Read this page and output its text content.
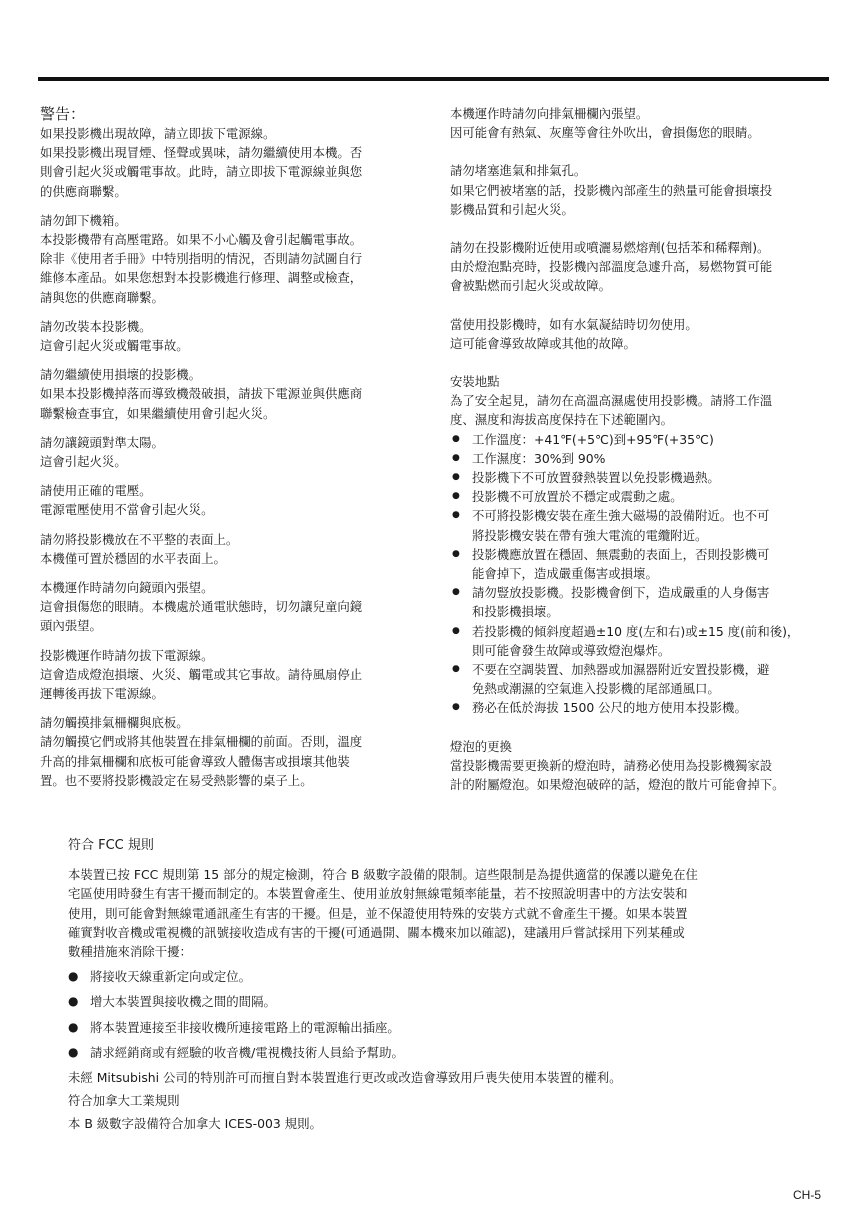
警告：

如果投影機出現故障，請立即拔下電源線。

如果投影機出現冒煙、怪聲或異味，請勿繼續使用本機。否

則會引起火災或觸電事故。此時，請立即拔下電源線並與您

的供應商聯繫。

請勿卸下機箱。

本投影機帶有高壓電路。如果不小心觸及會引起觸電事故。

除非《使用者手冊》中特別指明的情況，否則請勿試圖自行

維修本產品。如果您想對本投影機進行修理、調整或檢查，

請與您的供應商聯繫。

請勿改裝本投影機。

這會引起火災或觸電事故。

請勿繼續使用損壞的投影機。

如果本投影機掉落而導致機殼破損，請拔下電源並與供應商

聯繫檢查事宜，如果繼續使用會引起火災。

請勿讓鏡頭對準太陽。

這會引起火災。

請使用正確的電壓。

電源電壓使用不當會引起火災。

請勿將投影機放在不平整的表面上。

本機僅可置於穩固的水平表面上。

本機運作時請勿向鏡頭內張望。

這會損傷您的眼睛。本機處於通電狀態時，切勿讓兒童向鏡

頭內張望。

投影機運作時請勿拔下電源線。

這會造成燈泡損壞、火災、觸電或其它事故。請待風扇停止

運轉後再拔下電源線。

請勿觸摸排氣柵欄與底板。

請勿觸摸它們或將其他裝置在排氣柵欄的前面。否則，溫度

升高的排氣柵欄和底板可能會導致人體傷害或損壞其他裝

置。也不要將投影機設定在易受熱影響的桌子上。

本機運作時請勿向排氣柵欄內張望。

因可能會有熱氣、灰塵等會往外吹出，會損傷您的眼睛。

請勿堵塞進氣和排氣孔。

如果它們被堵塞的話，投影機內部產生的熱量可能會損壞投

影機品質和引起火災。

請勿在投影機附近使用或噴灑易燃熔劑(包括苯和稀釋劑)。

由於燈泡點亮時，投影機內部溫度急遽升高，易燃物質可能

會被點燃而引起火災或故障。

當使用投影機時，如有水氣凝結時切勿使用。

這可能會導致故障或其他的故障。

安裝地點

為了安全起見，請勿在高溫高濕處使用投影機。請將工作溫

度、濕度和海拔高度保持在下述範圍內。

● 工作溫度：+41℉(+5℃)到+95℉(+35℃)
● 工作濕度：30%到 90%
● 投影機下不可放置發熱裝置以免投影機過熱。
● 投影機不可放置於不穩定或震動之處。
● 不可將投影機安裝在產生強大磁場的設備附近。也不可
將投影機安裝在帶有強大電流的電纜附近。
● 投影機應放置在穩固、無震動的表面上，否則投影機可
能會掉下，造成嚴重傷害或損壞。
● 請勿豎放投影機。投影機會倒下，造成嚴重的人身傷害
和投影機損壞。
● 若投影機的傾斜度超過±10 度(左和右)或±15 度(前和後)，
則可能會發生故障或導致燈泡爆炸。
● 不要在空調裝置、加熱器或加濕器附近安置投影機，避
免熱或潮濕的空氣進入投影機的尾部通風口。
● 務必在低於海拔 1500 公尺的地方使用本投影機。

燈泡的更換

當投影機需要更換新的燈泡時，請務必使用為投影機獨家設

計的附屬燈泡。如果燈泡破碎的話，燈泡的散片可能會掉下。

符合 FCC 規則

本裝置已按 FCC 規則第 15 部分的規定檢測，符合 B 級數字設備的限制。這些限制是為提供適當的保護以避免在住

宅區使用時發生有害干擾而制定的。本裝置會產生、使用並放射無線電頻率能量，若不按照說明書中的方法安裝和

使用，則可能會對無線電通訊產生有害的干擾。但是，並不保證使用特殊的安裝方式就不會產生干擾。如果本裝置

確實對收音機或電視機的訊號接收造成有害的干擾(可通過開、關本機來加以確認)，建議用戶嘗試採用下列某種或

數種措施來消除干擾：

● 將接收天線重新定向或定位。
● 增大本裝置與接收機之間的間隔。
● 將本裝置連接至非接收機所連接電路上的電源輸出插座。
● 請求經銷商或有經驗的收音機/電視機技術人員給予幫助。

未經 Mitsubishi 公司的特別許可而擅自對本裝置進行更改或改造會導致用戶喪失使用本裝置的權利。

符合加拿大工業規則

本 B 級數字設備符合加拿大 ICES-003 規則。

CH-5
